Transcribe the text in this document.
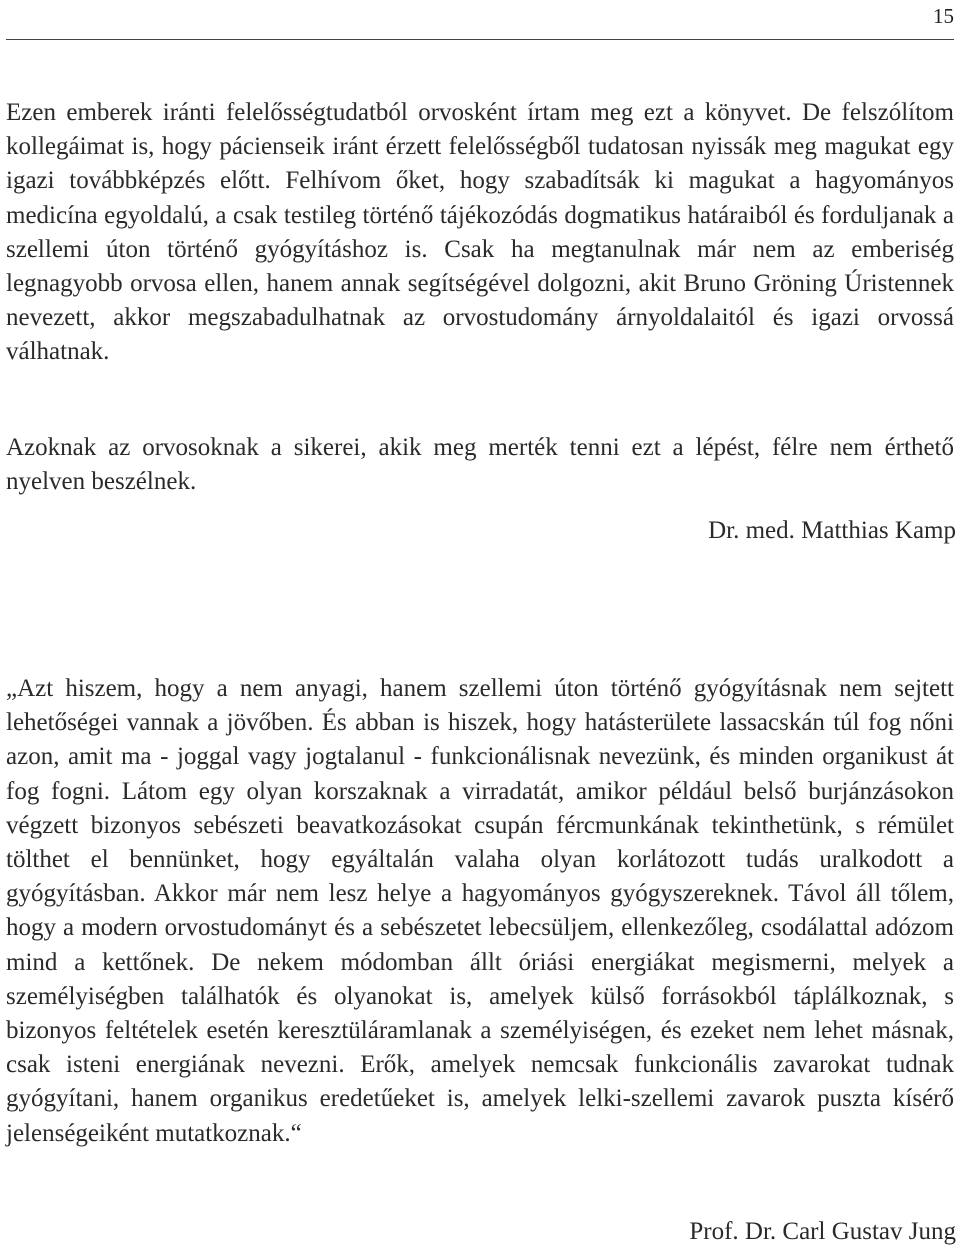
15

Ezen emberek iránti felelősségtudatból orvosként írtam meg ezt a könyvet. De felszólítom kollegáimat is, hogy pácienseik iránt érzett felelősségből tudatosan nyissák meg magukat egy igazi továbbképzés előtt. Felhívom őket, hogy szabadítsák ki magukat a hagyományos medicína egyoldalú, a csak testileg történő tájékozódás dogmatikus határaiból és forduljanak a szellemi úton történő gyógyításhoz is. Csak ha megtanulnak már nem az emberiség legnagyobb orvosa ellen, hanem annak segítségével dolgozni, akit Bruno Gröning Úristennek nevezett, akkor megszabadulhatnak az orvostudomány árnyoldalaitól és igazi orvossá válhatnak.

Azoknak az orvosoknak a sikerei, akik meg merték tenni ezt a lépést, félre nem érthető nyelven beszélnek.

Dr. med. Matthias Kamp

„Azt hiszem, hogy a nem anyagi, hanem szellemi úton történő gyógyításnak nem sejtett lehetőségei vannak a jövőben. És abban is hiszek, hogy hatásterülete lassacskán túl fog nőni azon, amit ma - joggal vagy jogtalanul - funkcionálisnak nevezünk, és minden organikust át fog fogni. Látom egy olyan korszaknak a virradatát, amikor például belső burjánzásokon végzett bizonyos sebészeti beavatkozásokat csupán fércmunkának tekinthetünk, s rémület tölthet el bennünket, hogy egyáltalán valaha olyan korlátozott tudás uralkodott a gyógyításban. Akkor már nem lesz helye a hagyományos gyógyszereknek. Távol áll tőlem, hogy a modern orvostudományt és a sebészetet lebecsüljem, ellenkezőleg, csodálattal adózom mind a kettőnek. De nekem módomban állt óriási energiákat megismerni, melyek a személyiségben találhatók és olyanokat is, amelyek külső forrásokból táplálkoznak, s bizonyos feltételek esetén keresztüláramlanak a személyiségen, és ezeket nem lehet másnak, csak isteni energiának nevezni. Erők, amelyek nemcsak funkcionális zavarokat tudnak gyógyítani, hanem organikus eredetűeket is, amelyek lelki-szellemi zavarok puszta kísérő jelenségeiként mutatkoznak.“

Prof. Dr. Carl Gustav Jung
